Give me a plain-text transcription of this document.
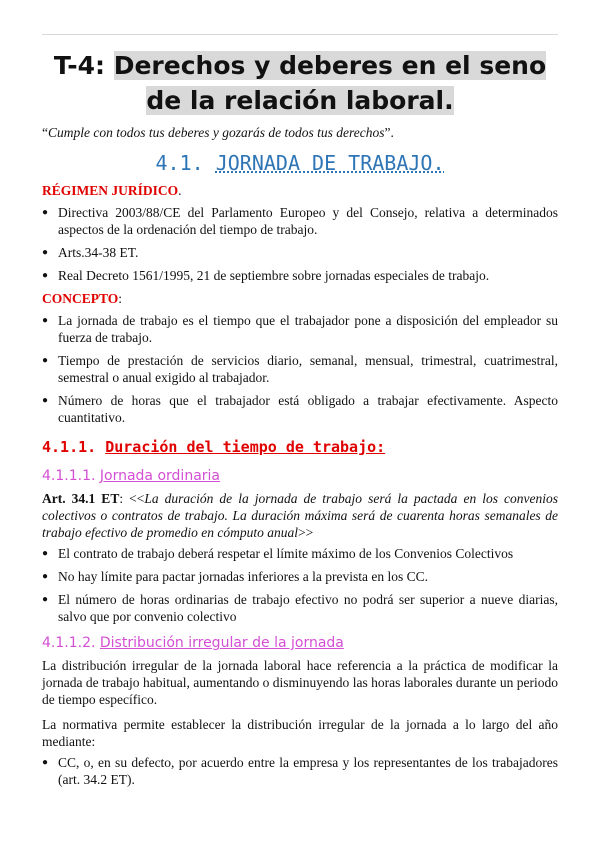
T-4: Derechos y deberes en el seno
de la relación laboral.
“Cumple con todos tus deberes y gozarás de todos tus derechos”.
4.1. JORNADA DE TRABAJO.
RÉGIMEN JURÍDICO.
● Directiva 2003/88/CE del Parlamento Europeo y del Consejo, relativa a determinados aspectos de la ordenación del tiempo de trabajo.
● Arts.34-38 ET.
● Real Decreto 1561/1995, 21 de septiembre sobre jornadas especiales de trabajo.
CONCEPTO:
● La jornada de trabajo es el tiempo que el trabajador pone a disposición del empleador su fuerza de trabajo.
● Tiempo de prestación de servicios diario, semanal, mensual, trimestral, cuatrimestral, semestral o anual exigido al trabajador.
● Número de horas que el trabajador está obligado a trabajar efectivamente. Aspecto cuantitativo.
4.1.1. Duración del tiempo de trabajo:
4.1.1.1. Jornada ordinaria

Art. 34.1 ET: <<La duración de la jornada de trabajo será la pactada en los convenios colectivos o contratos de trabajo. La duración máxima será de cuarenta horas semanales de trabajo efectivo de promedio en cómputo anual>>

● El contrato de trabajo deberá respetar el límite máximo de los Convenios Colectivos
● No hay límite para pactar jornadas inferiores a la prevista en los CC.
● El número de horas ordinarias de trabajo efectivo no podrá ser superior a nueve diarias, salvo que por convenio colectivo
4.1.1.2. Distribución irregular de la jornada

La distribución irregular de la jornada laboral hace referencia a la práctica de modificar la jornada de trabajo habitual, aumentando o disminuyendo las horas laborales durante un periodo de tiempo específico.

La normativa permite establecer la distribución irregular de la jornada a lo largo del año mediante:

● CC, o, en su defecto, por acuerdo entre la empresa y los representantes de los trabajadores (art. 34.2 ET).
